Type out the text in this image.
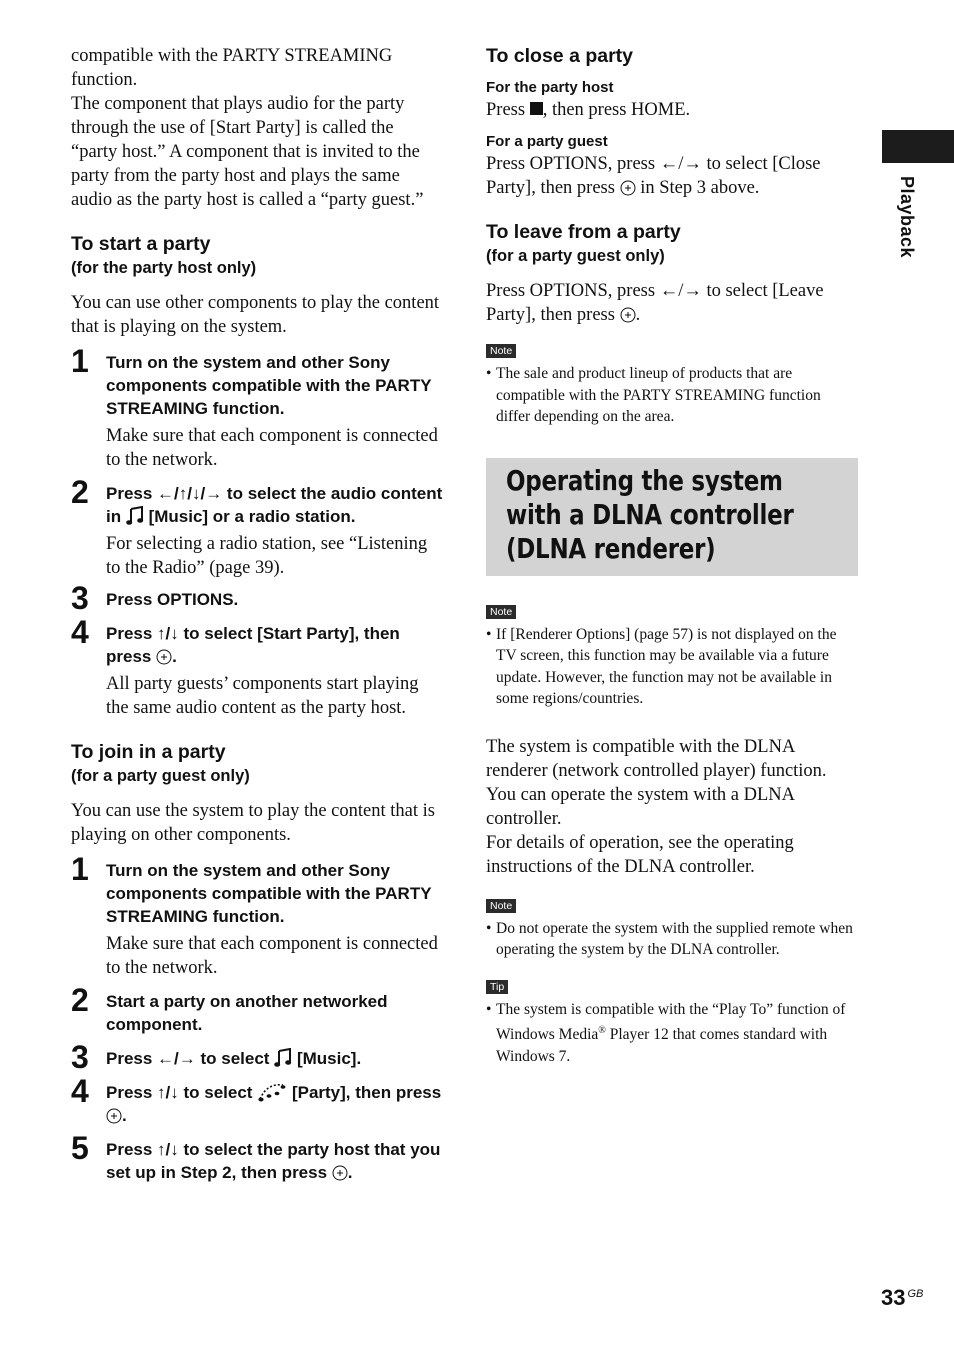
compatible with the PARTY STREAMING function.

The component that plays audio for the party through the use of [Start Party] is called the “party host.” A component that is invited to the party from the party host and plays the same audio as the party host is called a “party guest.”

To start a party
(for the party host only)

You can use other components to play the content that is playing on the system.

1 Turn on the system and other Sony components compatible with the PARTY STREAMING function.

Make sure that each component is connected to the network.

2 Press ←/↑/↓/→ to select the audio content in [Music] or a radio station.

For selecting a radio station, see “Listening to the Radio” (page 39).

3 Press OPTIONS.

4 Press ↑/↓ to select [Start Party], then press .

All party guests’ components start playing the same audio content as the party host.

To join in a party
(for a party guest only)

You can use the system to play the content that is playing on other components.

1 Turn on the system and other Sony components compatible with the PARTY STREAMING function.

Make sure that each component is connected to the network.

2 Start a party on another networked component.

3 Press ←/→ to select [Music].

4 Press ↑/↓ to select [Party], then press .

5 Press ↑/↓ to select the party host that you set up in Step 2, then press .

To close a party
For the party host

Press , then press HOME.

For a party guest

Press OPTIONS, press ←/→ to select [Close Party], then press in Step 3 above.

To leave from a party
(for a party guest only)

Press OPTIONS, press ←/→ to select [Leave Party], then press .

Note

• The sale and product lineup of products that are compatible with the PARTY STREAMING function differ depending on the area.

Operating the system with a DLNA controller (DLNA renderer)
Note

• If [Renderer Options] (page 57) is not displayed on the TV screen, this function may be available via a future update. However, the function may not be available in some regions/countries.

The system is compatible with the DLNA renderer (network controlled player) function. You can operate the system with a DLNA controller.

For details of operation, see the operating instructions of the DLNA controller.

Note

• Do not operate the system with the supplied remote when operating the system by the DLNA controller.

Tip

• The system is compatible with the “Play To” function of Windows Media® Player 12 that comes standard with Windows 7.

Playback
33 $^{GB}$
